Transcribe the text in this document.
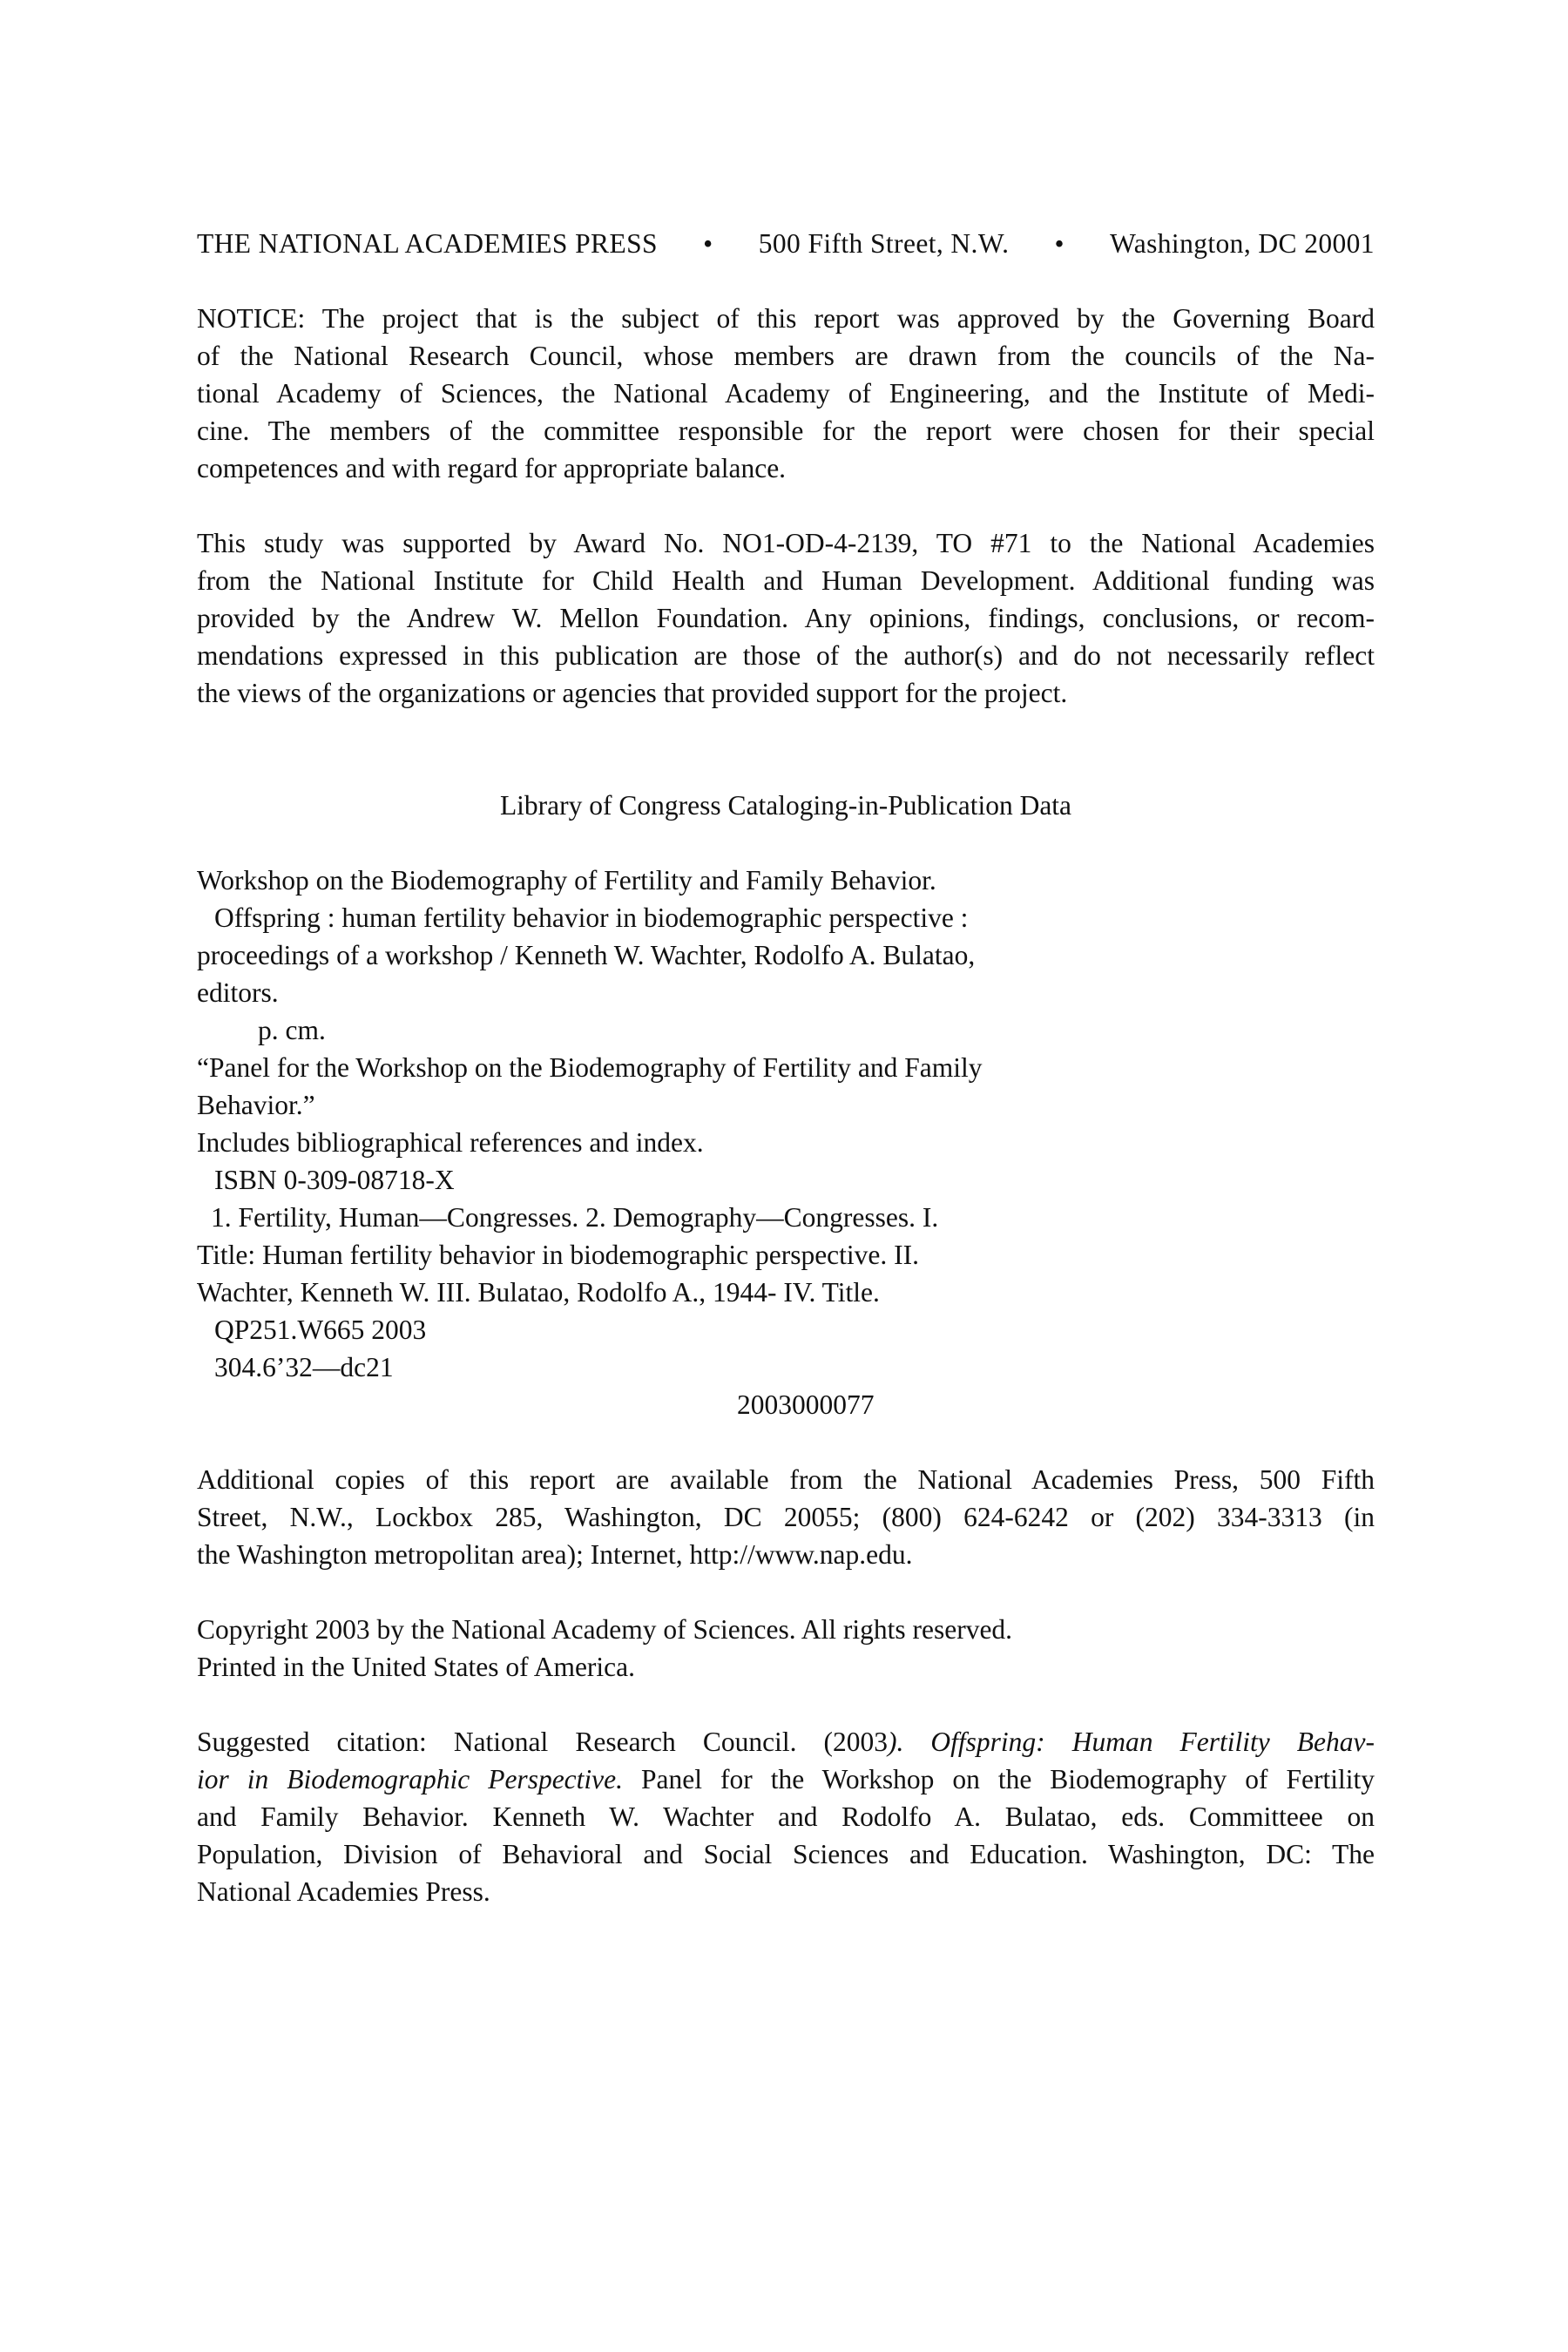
THE NATIONAL ACADEMIES PRESS • 500 Fifth Street, N.W. • Washington, DC 20001
NOTICE: The project that is the subject of this report was approved by the Governing Board
of the National Research Council, whose members are drawn from the councils of the Na-
tional Academy of Sciences, the National Academy of Engineering, and the Institute of Medi-
cine. The members of the committee responsible for the report were chosen for their special
competences and with regard for appropriate balance.
This study was supported by Award No. NO1-OD-4-2139, TO #71 to the National Academies
from the National Institute for Child Health and Human Development. Additional funding was
provided by the Andrew W. Mellon Foundation. Any opinions, findings, conclusions, or recom-
mendations expressed in this publication are those of the author(s) and do not necessarily reflect
the views of the organizations or agencies that provided support for the project.
Library of Congress Cataloging-in-Publication Data
Workshop on the Biodemography of Fertility and Family Behavior.
Offspring : human fertility behavior in biodemographic perspective :
proceedings of a workshop / Kenneth W. Wachter, Rodolfo A. Bulatao,
editors.
p. cm.
“Panel for the Workshop on the Biodemography of Fertility and Family
Behavior.”
Includes bibliographical references and index.
ISBN 0-309-08718-X
1. Fertility, Human—Congresses. 2. Demography—Congresses. I.
Title: Human fertility behavior in biodemographic perspective. II.
Wachter, Kenneth W. III. Bulatao, Rodolfo A., 1944- IV. Title.
QP251.W665 2003
304.6’32—dc21
2003000077
Additional copies of this report are available from the National Academies Press, 500 Fifth
Street, N.W., Lockbox 285, Washington, DC 20055; (800) 624-6242 or (202) 334-3313 (in
the Washington metropolitan area); Internet, http://www.nap.edu.
Copyright 2003 by the National Academy of Sciences. All rights reserved.
Printed in the United States of America.
Suggested citation: National Research Council. (2003). Offspring: Human Fertility Behav-
ior in Biodemographic Perspective. Panel for the Workshop on the Biodemography of Fertility
and Family Behavior. Kenneth W. Wachter and Rodolfo A. Bulatao, eds. Committeee on
Population, Division of Behavioral and Social Sciences and Education. Washington, DC: The
National Academies Press.
